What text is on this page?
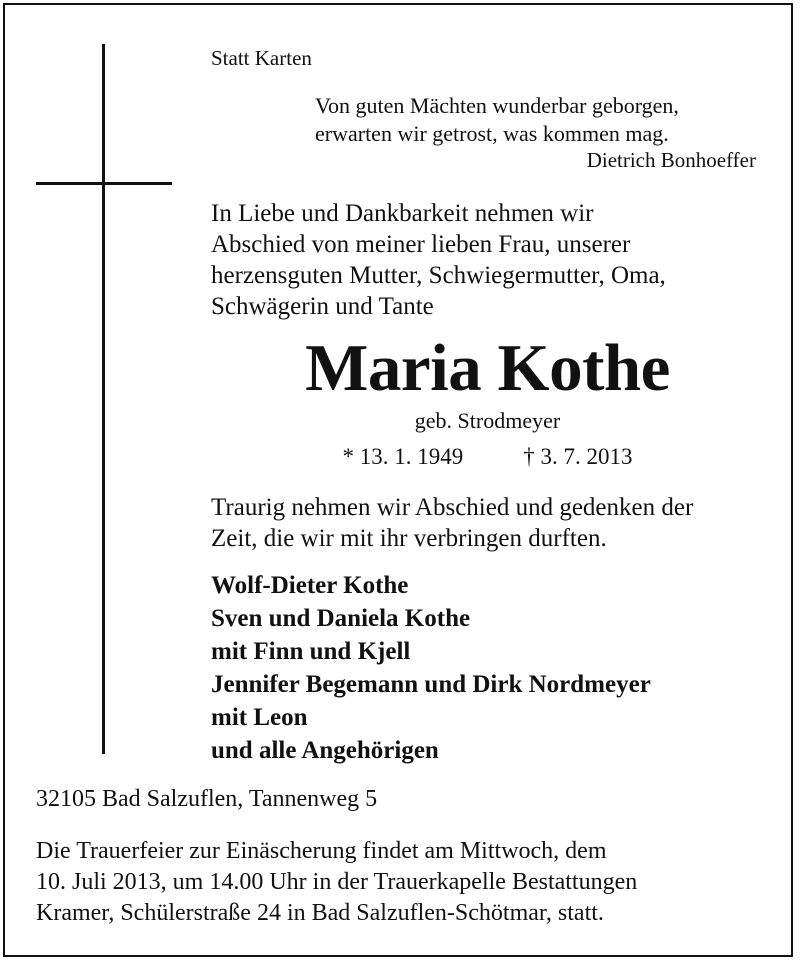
Statt Karten
Von guten Mächten wunderbar geborgen,
erwarten wir getrost, was kommen mag.
Dietrich Bonhoeffer
In Liebe und Dankbarkeit nehmen wir
Abschied von meiner lieben Frau, unserer
herzensguten Mutter, Schwiegermutter, Oma,
Schwägerin und Tante
Maria Kothe
geb. Strodmeyer
* 13. 1. 1949	† 3. 7. 2013
Traurig nehmen wir Abschied und gedenken der
Zeit, die wir mit ihr verbringen durften.
Wolf-Dieter Kothe
Sven und Daniela Kothe
mit Finn und Kjell
Jennifer Begemann und Dirk Nordmeyer
mit Leon
und alle Angehörigen
32105 Bad Salzuflen, Tannenweg 5
Die Trauerfeier zur Einäscherung findet am Mittwoch, dem
10. Juli 2013, um 14.00 Uhr in der Trauerkapelle Bestattungen
Kramer, Schülerstraße 24 in Bad Salzuflen-Schötmar, statt.
